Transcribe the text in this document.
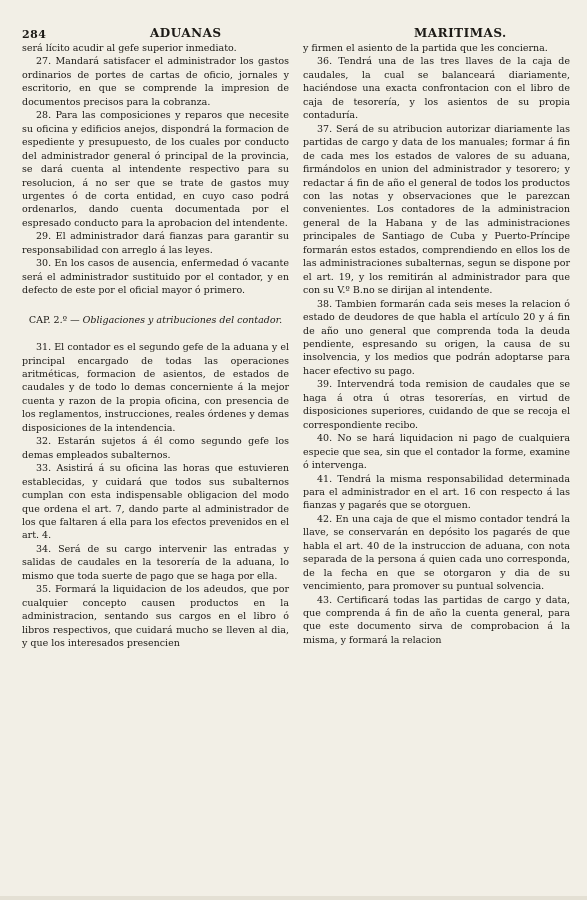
284	ADUANAS	MARITIMAS.

será lícito acudir al gefe superior inmediato.

27. Mandará satisfacer el administrador los gastos ordinarios de portes de cartas de oficio, jornales y escritorio, en que se comprende la impresion de documentos precisos para la cobranza.

28. Para las composiciones y reparos que necesite su oficina y edificios anejos, dispondrá la formacion de espediente y presupuesto, de los cuales por conducto del administrador general ó principal de la provincia, se dará cuenta al intendente respectivo para su resolucion, á no ser que se trate de gastos muy urgentes ó de corta entidad, en cuyo caso podrá ordenarlos, dando cuenta documentada por el espresado conducto para la aprobacion del intendente.

29. El administrador dará fianzas para garantir su responsabilidad con arreglo á las leyes.

30. En los casos de ausencia, enfermedad ó vacante será el administrador sustituido por el contador, y en defecto de este por el oficial mayor ó primero.

CAP. 2.º — Obligaciones y atribuciones del contador.

31. El contador es el segundo gefe de la aduana y el principal encargado de todas las operaciones aritméticas, formacion de asientos, de estados de caudales y de todo lo demas concerniente á la mejor cuenta y razon de la propia oficina, con presencia de los reglamentos, instrucciones, reales órdenes y demas disposiciones de la intendencia.

32. Estarán sujetos á él como segundo gefe los demas empleados subalternos.

33. Asistirá á su oficina las horas que estuvieren establecidas, y cuidará que todos sus subalternos cumplan con esta indispensable obligacion del modo que ordena el art. 7, dando parte al administrador de los que faltaren á ella para los efectos prevenidos en el art. 4.

34. Será de su cargo intervenir las entradas y salidas de caudales en la tesorería de la aduana, lo mismo que toda suerte de pago que se haga por ella.

35. Formará la liquidacion de los adeudos, que por cualquier concepto causen productos en la administracion, sentando sus cargos en el libro ó libros respectivos, que cuidará mucho se lleven al dia, y que los interesados presencien

y firmen el asiento de la partida que les concierna.

36. Tendrá una de las tres llaves de la caja de caudales, la cual se balanceará diariamente, haciéndose una exacta confrontacion con el libro de caja de tesorería, y los asientos de su propia contaduría.

37. Será de su atribucion autorizar diariamente las partidas de cargo y data de los manuales; formar á fin de cada mes los estados de valores de su aduana, firmándolos en union del administrador y tesorero; y redactar á fin de año el general de todos los productos con las notas y observaciones que le parezcan convenientes. Los contadores de la administracion general de la Habana y de las administraciones principales de Santiago de Cuba y Puerto-Príncipe formarán estos estados, comprendiendo en ellos los de las administraciones subalternas, segun se dispone por el art. 19, y los remitirán al administrador para que con su V.º B.no se dirijan al intendente.

38. Tambien formarán cada seis meses la relacion ó estado de deudores de que habla el artículo 20 y á fin de año uno general que comprenda toda la deuda pendiente, espresando su origen, la causa de su insolvencia, y los medios que podrán adoptarse para hacer efectivo su pago.

39. Intervendrá toda remision de caudales que se haga á otra ú otras tesorerías, en virtud de disposiciones superiores, cuidando de que se recoja el correspondiente recibo.

40. No se hará liquidacion ni pago de cualquiera especie que sea, sin que el contador la forme, examine ó intervenga.

41. Tendrá la misma responsabilidad determinada para el administrador en el art. 16 con respecto á las fianzas y pagarés que se otorguen.

42. En una caja de que el mismo contador tendrá la llave, se conservarán en depósito los pagarés de que habla el art. 40 de la instruccion de aduana, con nota separada de la persona á quien cada uno corresponda, de la fecha en que se otorgaron y dia de su vencimiento, para promover su puntual solvencia.

43. Certificará todas las partidas de cargo y data, que comprenda á fin de año la cuenta general, para que este documento sirva de comprobacion á la misma, y formará la relacion
